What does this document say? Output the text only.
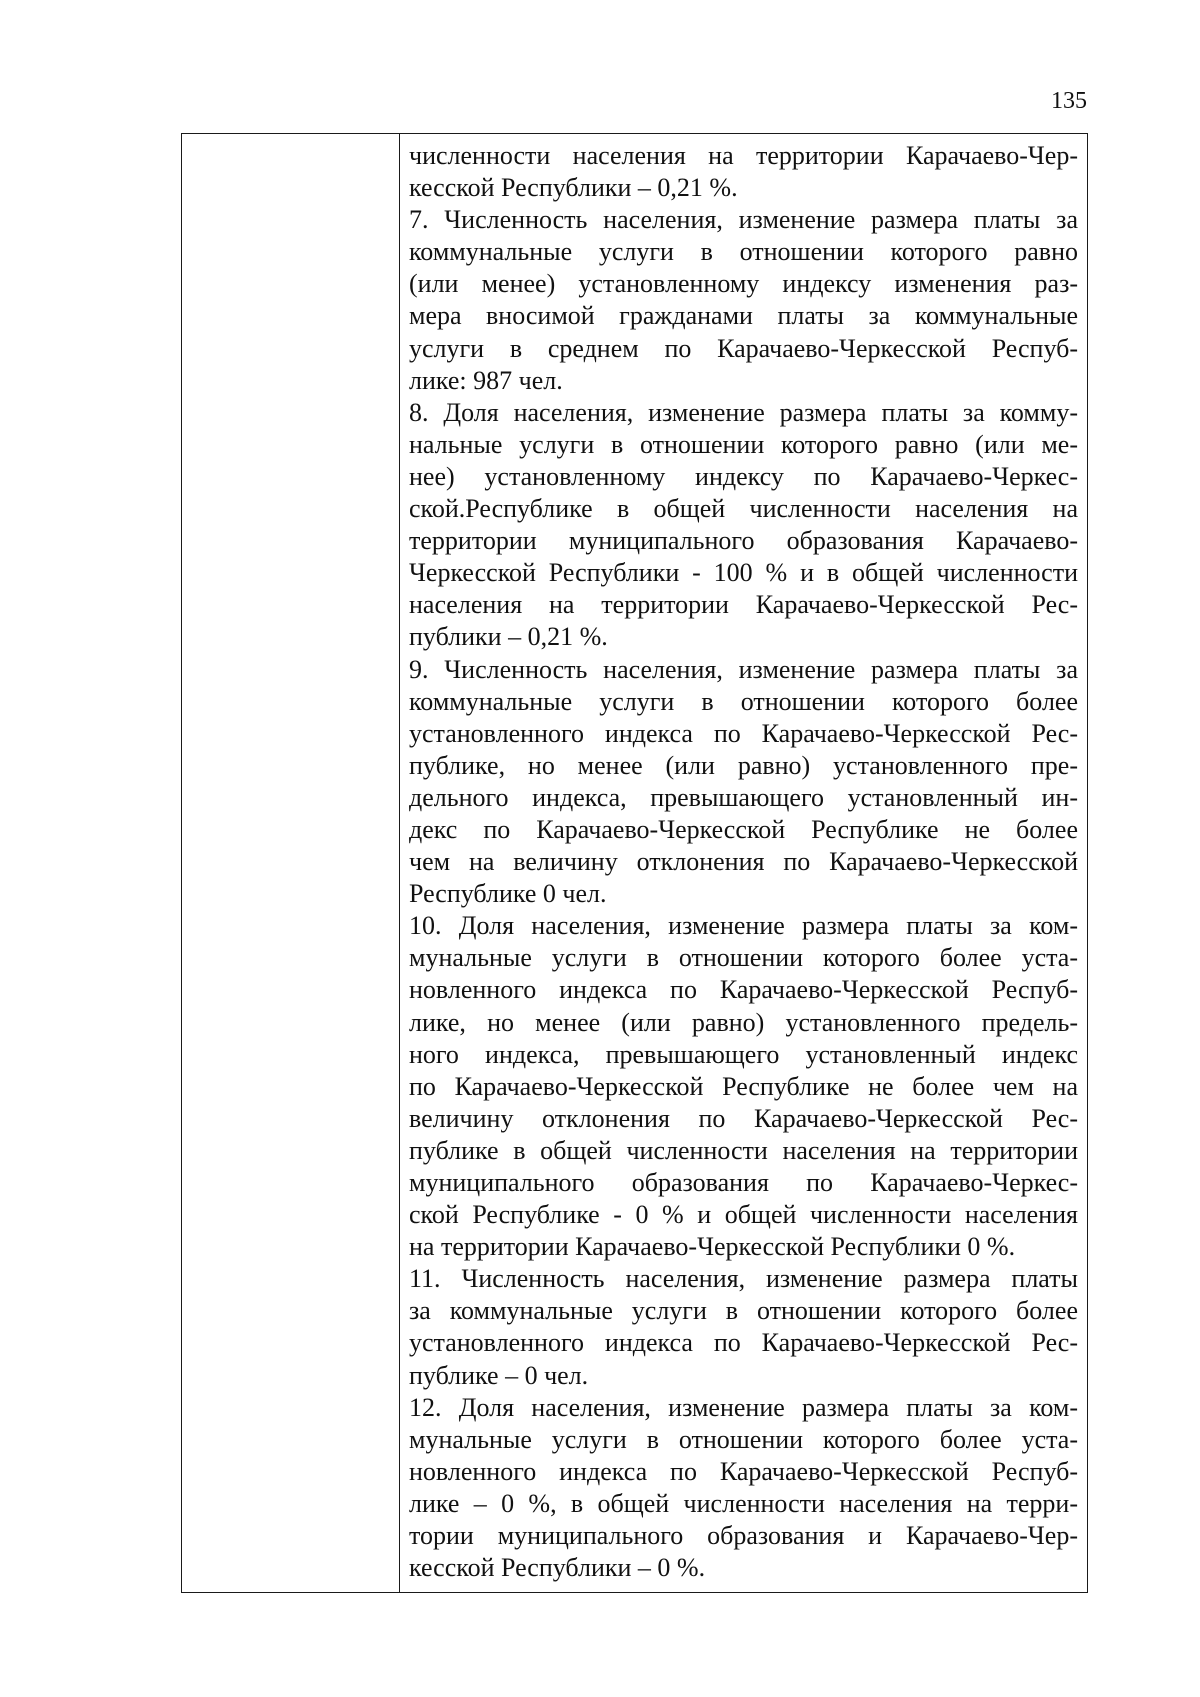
135
численности населения на территории Карачаево-Чер-
кесской Республики – 0,21 %.
7. Численность населения, изменение размера платы за
коммунальные услуги в отношении которого равно
(или менее) установленному индексу изменения раз-
мера вносимой гражданами платы за коммунальные
услуги в среднем по Карачаево-Черкесской Респуб-
лике: 987 чел.
8. Доля населения, изменение размера платы за комму-
нальные услуги в отношении которого равно (или ме-
нее) установленному индексу по Карачаево-Черкес-
ской.Республике в общей численности населения на
территории муниципального образования Карачаево-
Черкесской Республики - 100 % и в общей численности
населения на территории Карачаево-Черкесской Рес-
публики – 0,21 %.
9. Численность населения, изменение размера платы за
коммунальные услуги в отношении которого более
установленного индекса по Карачаево-Черкесской Рес-
публике, но менее (или равно) установленного пре-
дельного индекса, превышающего установленный ин-
декс по Карачаево-Черкесской Республике не более
чем на величину отклонения по Карачаево-Черкесской
Республике 0 чел.
10. Доля населения, изменение размера платы за ком-
мунальные услуги в отношении которого более уста-
новленного индекса по Карачаево-Черкесской Респуб-
лике, но менее (или равно) установленного предель-
ного индекса, превышающего установленный индекс
по Карачаево-Черкесской Республике не более чем на
величину отклонения по Карачаево-Черкесской Рес-
публике в общей численности населения на территории
муниципального образования по Карачаево-Черкес-
ской Республике - 0 % и общей численности населения
на территории Карачаево-Черкесской Республики 0 %.
11. Численность населения, изменение размера платы
за коммунальные услуги в отношении которого более
установленного индекса по Карачаево-Черкесской Рес-
публике – 0 чел.
12. Доля населения, изменение размера платы за ком-
мунальные услуги в отношении которого более уста-
новленного индекса по Карачаево-Черкесской Респуб-
лике – 0 %, в общей численности населения на терри-
тории муниципального образования и Карачаево-Чер-
кесской Республики – 0 %.
